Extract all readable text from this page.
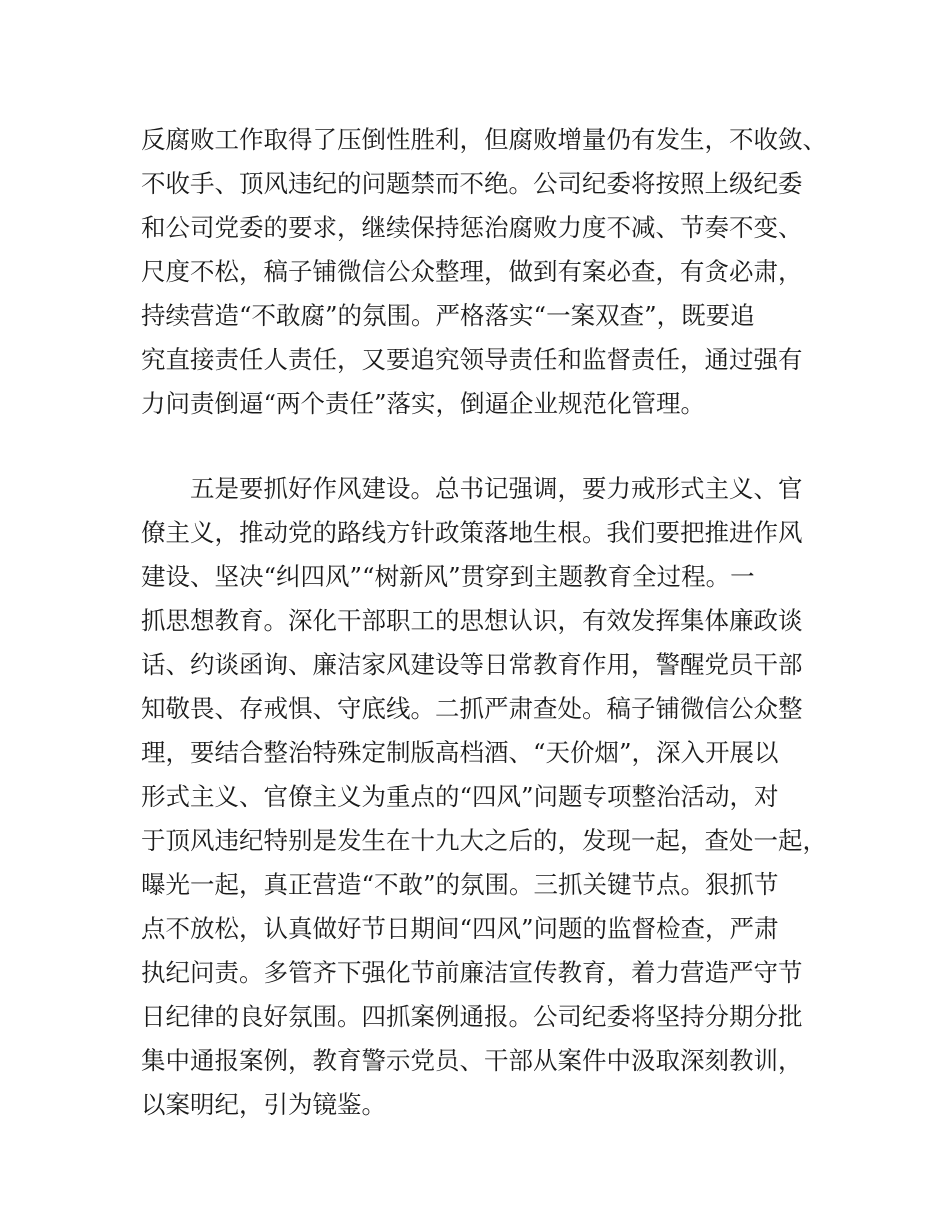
反腐败工作取得了压倒性胜利，但腐败增量仍有发生，不收敛、
不收手、顶风违纪的问题禁而不绝。公司纪委将按照上级纪委
和公司党委的要求，继续保持惩治腐败力度不减、节奏不变、
尺度不松，稿子铺微信公众整理，做到有案必查，有贪必肃，
持续营造“不敢腐”的氛围。严格落实“一案双查”，既要追
究直接责任人责任，又要追究领导责任和监督责任，通过强有
力问责倒逼“两个责任”落实，倒逼企业规范化管理。
五是要抓好作风建设。总书记强调，要力戒形式主义、官
僚主义，推动党的路线方针政策落地生根。我们要把推进作风
建设、坚决“纠四风”“树新风”贯穿到主题教育全过程。一
抓思想教育。深化干部职工的思想认识，有效发挥集体廉政谈
话、约谈函询、廉洁家风建设等日常教育作用，警醒党员干部
知敬畏、存戒惧、守底线。二抓严肃查处。稿子铺微信公众整
理，要结合整治特殊定制版高档酒、“天价烟”，深入开展以
形式主义、官僚主义为重点的“四风”问题专项整治活动，对
于顶风违纪特别是发生在十九大之后的，发现一起，查处一起，
曝光一起，真正营造“不敢”的氛围。三抓关键节点。狠抓节
点不放松，认真做好节日期间“四风”问题的监督检查，严肃
执纪问责。多管齐下强化节前廉洁宣传教育，着力营造严守节
日纪律的良好氛围。四抓案例通报。公司纪委将坚持分期分批
集中通报案例，教育警示党员、干部从案件中汲取深刻教训，
以案明纪，引为镜鉴。
